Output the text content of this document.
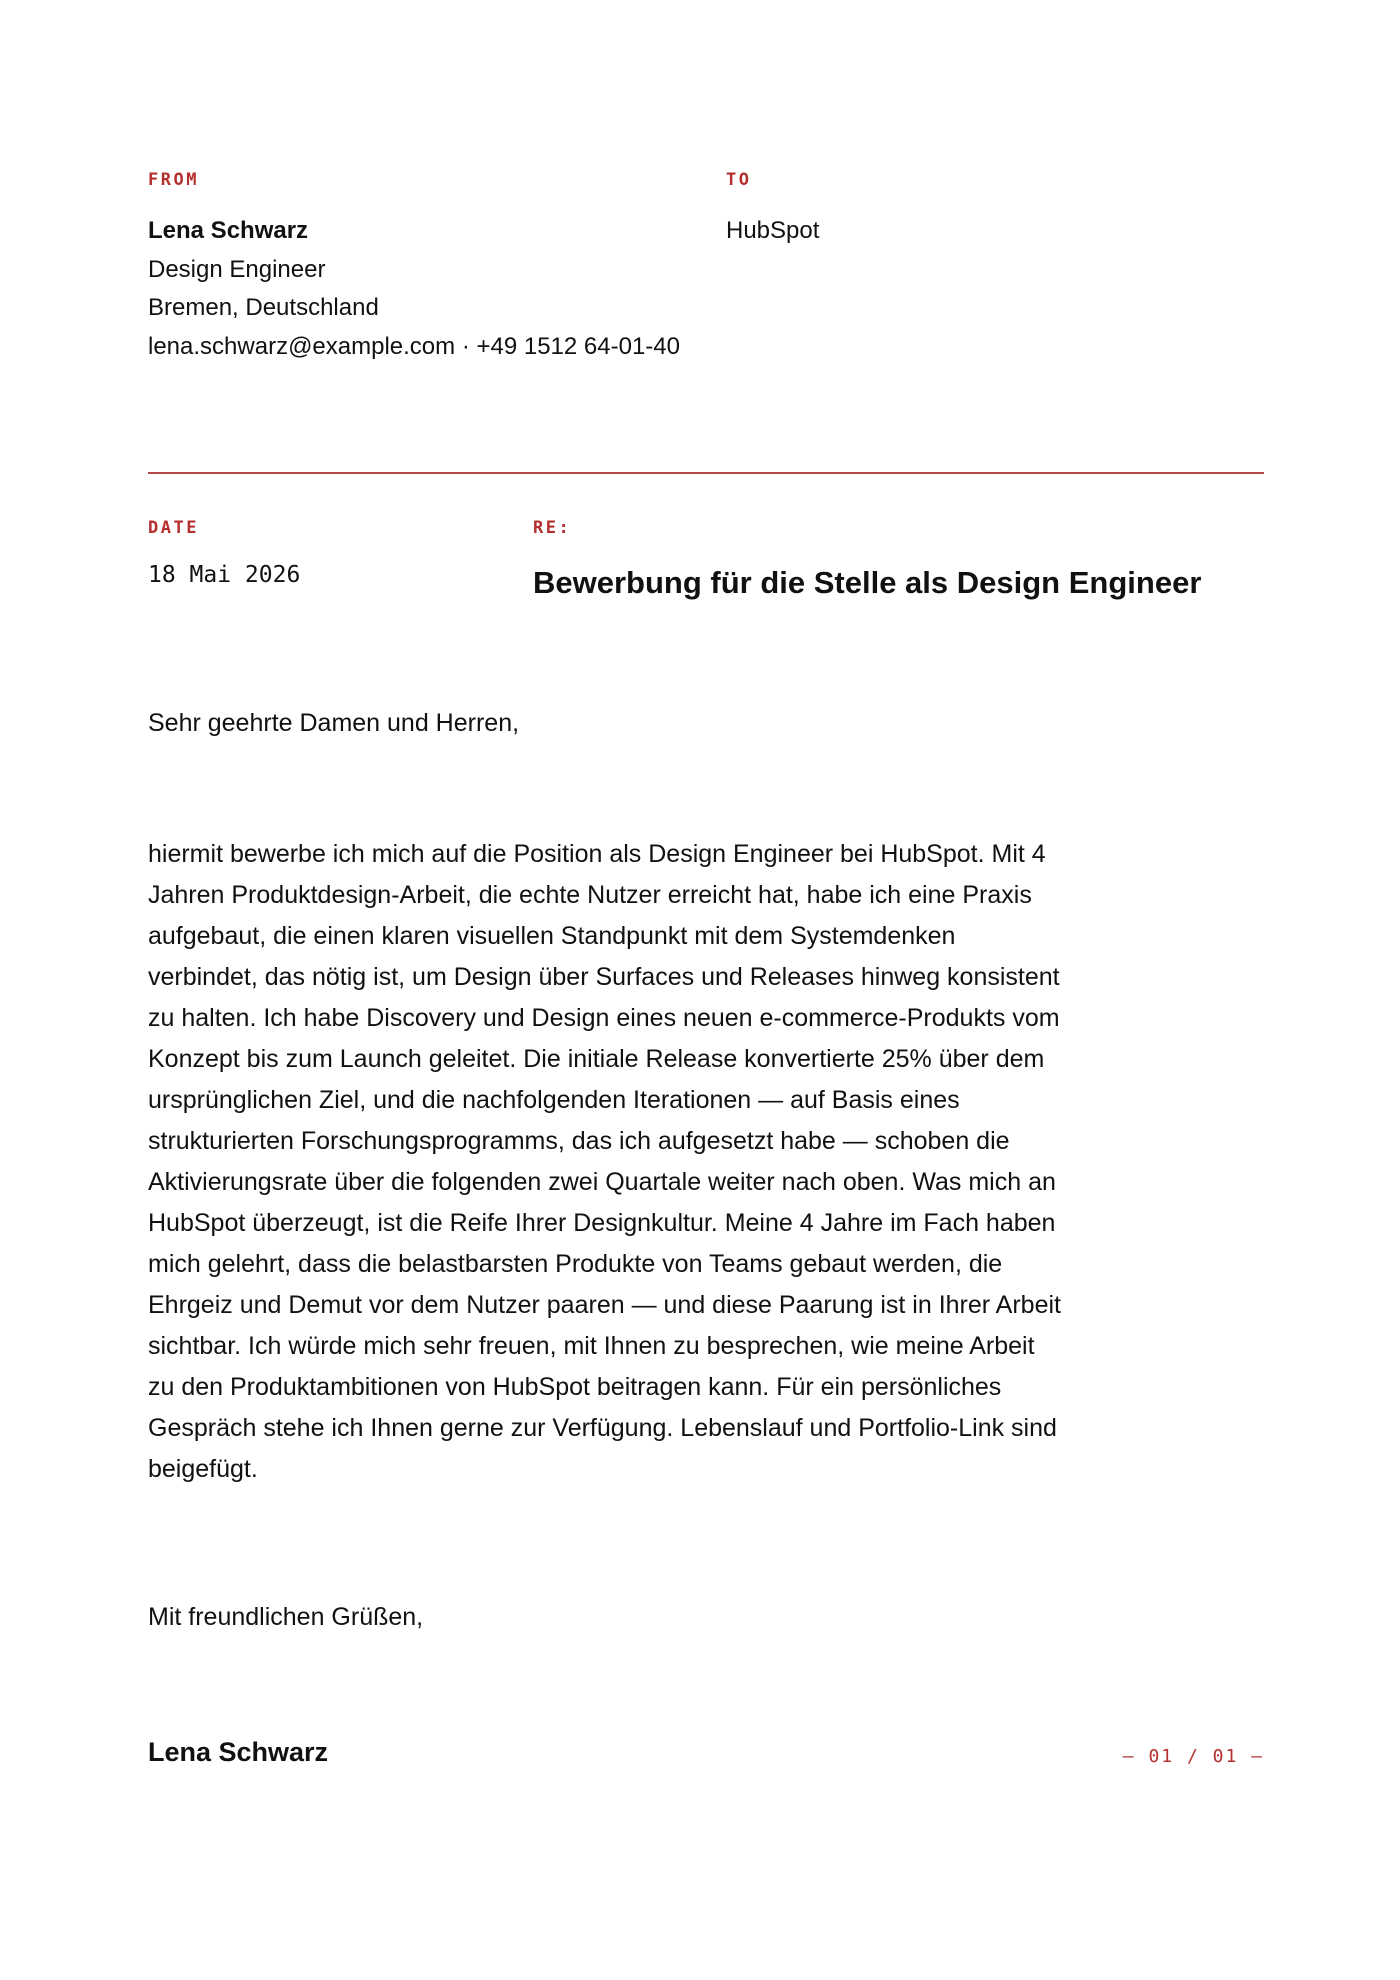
FROM	TO
Lena Schwarz
Design Engineer
Bremen, Deutschland
lena.schwarz@example.com · +49 1512 64-01-40
HubSpot
DATE
18 Mai 2026
RE:
Bewerbung für die Stelle als Design Engineer
Sehr geehrte Damen und Herren,

hiermit bewerbe ich mich auf die Position als Design Engineer bei HubSpot. Mit 4 Jahren Produktdesign-Arbeit, die echte Nutzer erreicht hat, habe ich eine Praxis aufgebaut, die einen klaren visuellen Standpunkt mit dem Systemdenken verbindet, das nötig ist, um Design über Surfaces und Releases hinweg konsistent zu halten. Ich habe Discovery und Design eines neuen e-commerce-Produkts vom Konzept bis zum Launch geleitet. Die initiale Release konvertierte 25% über dem ursprünglichen Ziel, und die nachfolgenden Iterationen — auf Basis eines strukturierten Forschungsprogramms, das ich aufgesetzt habe — schoben die Aktivierungsrate über die folgenden zwei Quartale weiter nach oben. Was mich an HubSpot überzeugt, ist die Reife Ihrer Designkultur. Meine 4 Jahre im Fach haben mich gelehrt, dass die belastbarsten Produkte von Teams gebaut werden, die Ehrgeiz und Demut vor dem Nutzer paaren — und diese Paarung ist in Ihrer Arbeit sichtbar. Ich würde mich sehr freuen, mit Ihnen zu besprechen, wie meine Arbeit zu den Produktambitionen von HubSpot beitragen kann. Für ein persönliches Gespräch stehe ich Ihnen gerne zur Verfügung. Lebenslauf und Portfolio-Link sind beigefügt.

Mit freundlichen Grüßen,
Lena Schwarz	— 01 / 01 —
